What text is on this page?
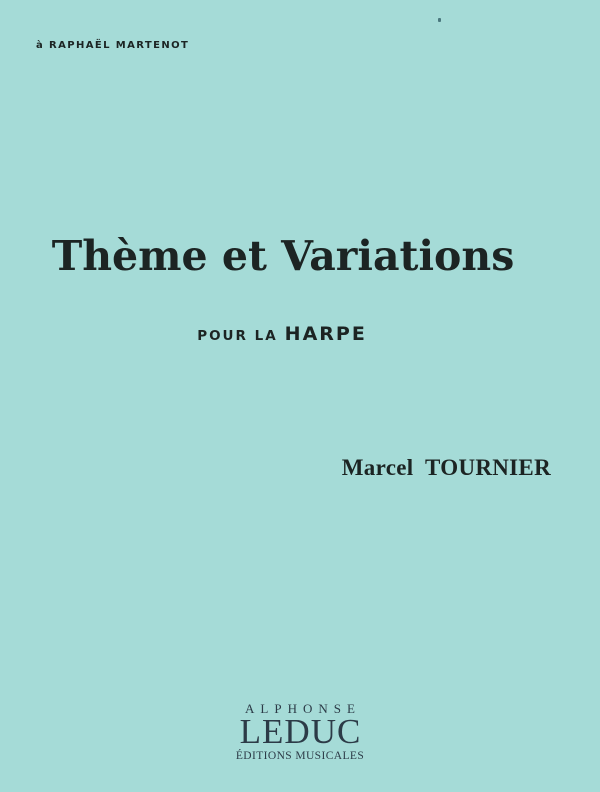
à RAPHAËL MARTENOT
Thème et Variations
POUR LA HARPE
Marcel TOURNIER
ALPHONSE
LEDUC
ÉDITIONS MUSICALES
